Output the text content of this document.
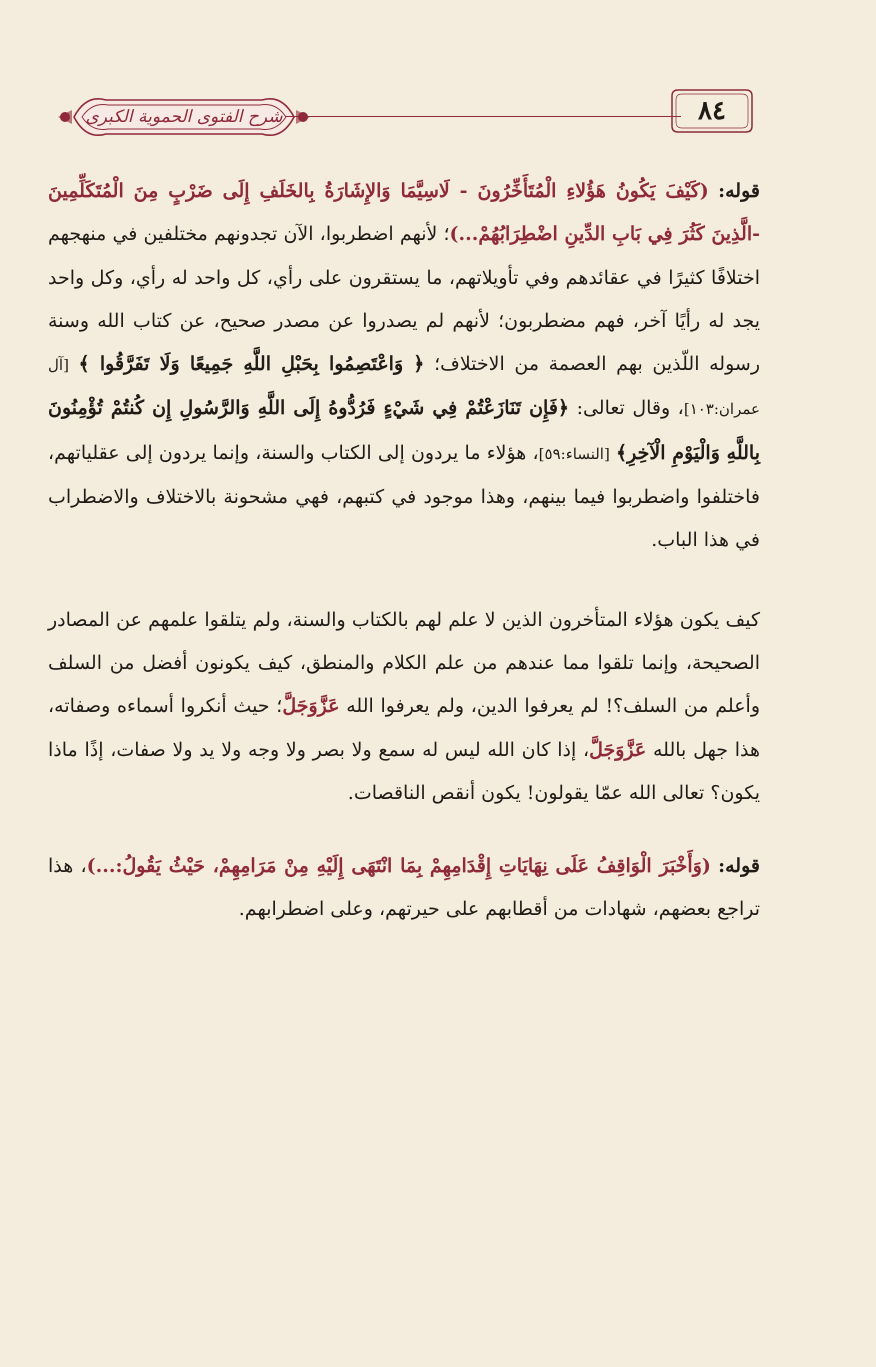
شرح الفتوى الحموية الكبرى	٨٤

قوله: (كَيْفَ يَكُونُ هَؤُلاءِ الْمُتَأَخِّرُونَ - لَاسِيَّمَا وَالإِشَارَةُ بِالخَلَفِ إِلَى ضَرْبٍ مِنَ الْمُتَكَلِّمِينَ -الَّذِينَ كَثُرَ فِي بَابِ الدِّينِ اضْطِرَابُهُمْ...)؛ لأنهم اضطربوا، الآن تجدونهم مختلفين في منهجهم اختلافًا كثيرًا في عقائدهم وفي تأويلاتهم، ما يستقرون على رأي، كل واحد له رأي، وكل واحد يجد له رأيًا آخر، فهم مضطربون؛ لأنهم لم يصدروا عن مصدر صحيح، عن كتاب الله وسنة رسوله اللّذين بهم العصمة من الاختلاف؛ ﴿ وَاعْتَصِمُوا بِحَبْلِ اللَّهِ جَمِيعًا وَلَا تَفَرَّقُوا ﴾ [آل عمران:١٠٣]، وقال تعالى: ﴿فَإِن تَنَازَعْتُمْ فِي شَيْءٍ فَرُدُّوهُ إِلَى اللَّهِ وَالرَّسُولِ إِن كُنتُمْ تُؤْمِنُونَ بِاللَّهِ وَالْيَوْمِ الْآخِرِ﴾ [النساء:٥٩]، هؤلاء ما يردون إلى الكتاب والسنة، وإنما يردون إلى عقلياتهم، فاختلفوا واضطربوا فيما بينهم، وهذا موجود في كتبهم، فهي مشحونة بالاختلاف والاضطراب في هذا الباب.

كيف يكون هؤلاء المتأخرون الذين لا علم لهم بالكتاب والسنة، ولم يتلقوا علمهم عن المصادر الصحيحة، وإنما تلقوا مما عندهم من علم الكلام والمنطق، كيف يكونون أفضل من السلف وأعلم من السلف؟! لم يعرفوا الدين، ولم يعرفوا الله عَزَّوَجَلَّ؛ حيث أنكروا أسماءه وصفاته، هذا جهل بالله عَزَّوَجَلَّ، إذا كان الله ليس له سمع ولا بصر ولا وجه ولا يد ولا صفات، إذًا ماذا يكون؟ تعالى الله عمّا يقولون! يكون أنقص الناقصات.

قوله: (وَأَخْبَرَ الْوَاقِفُ عَلَى نِهَايَاتِ إِقْدَامِهِمْ بِمَا انْتَهَى إِلَيْهِ مِنْ مَرَامِهِمْ، حَيْثُ يَقُولُ:...)، هذا تراجع بعضهم، شهادات من أقطابهم على حيرتهم، وعلى اضطرابهم.
